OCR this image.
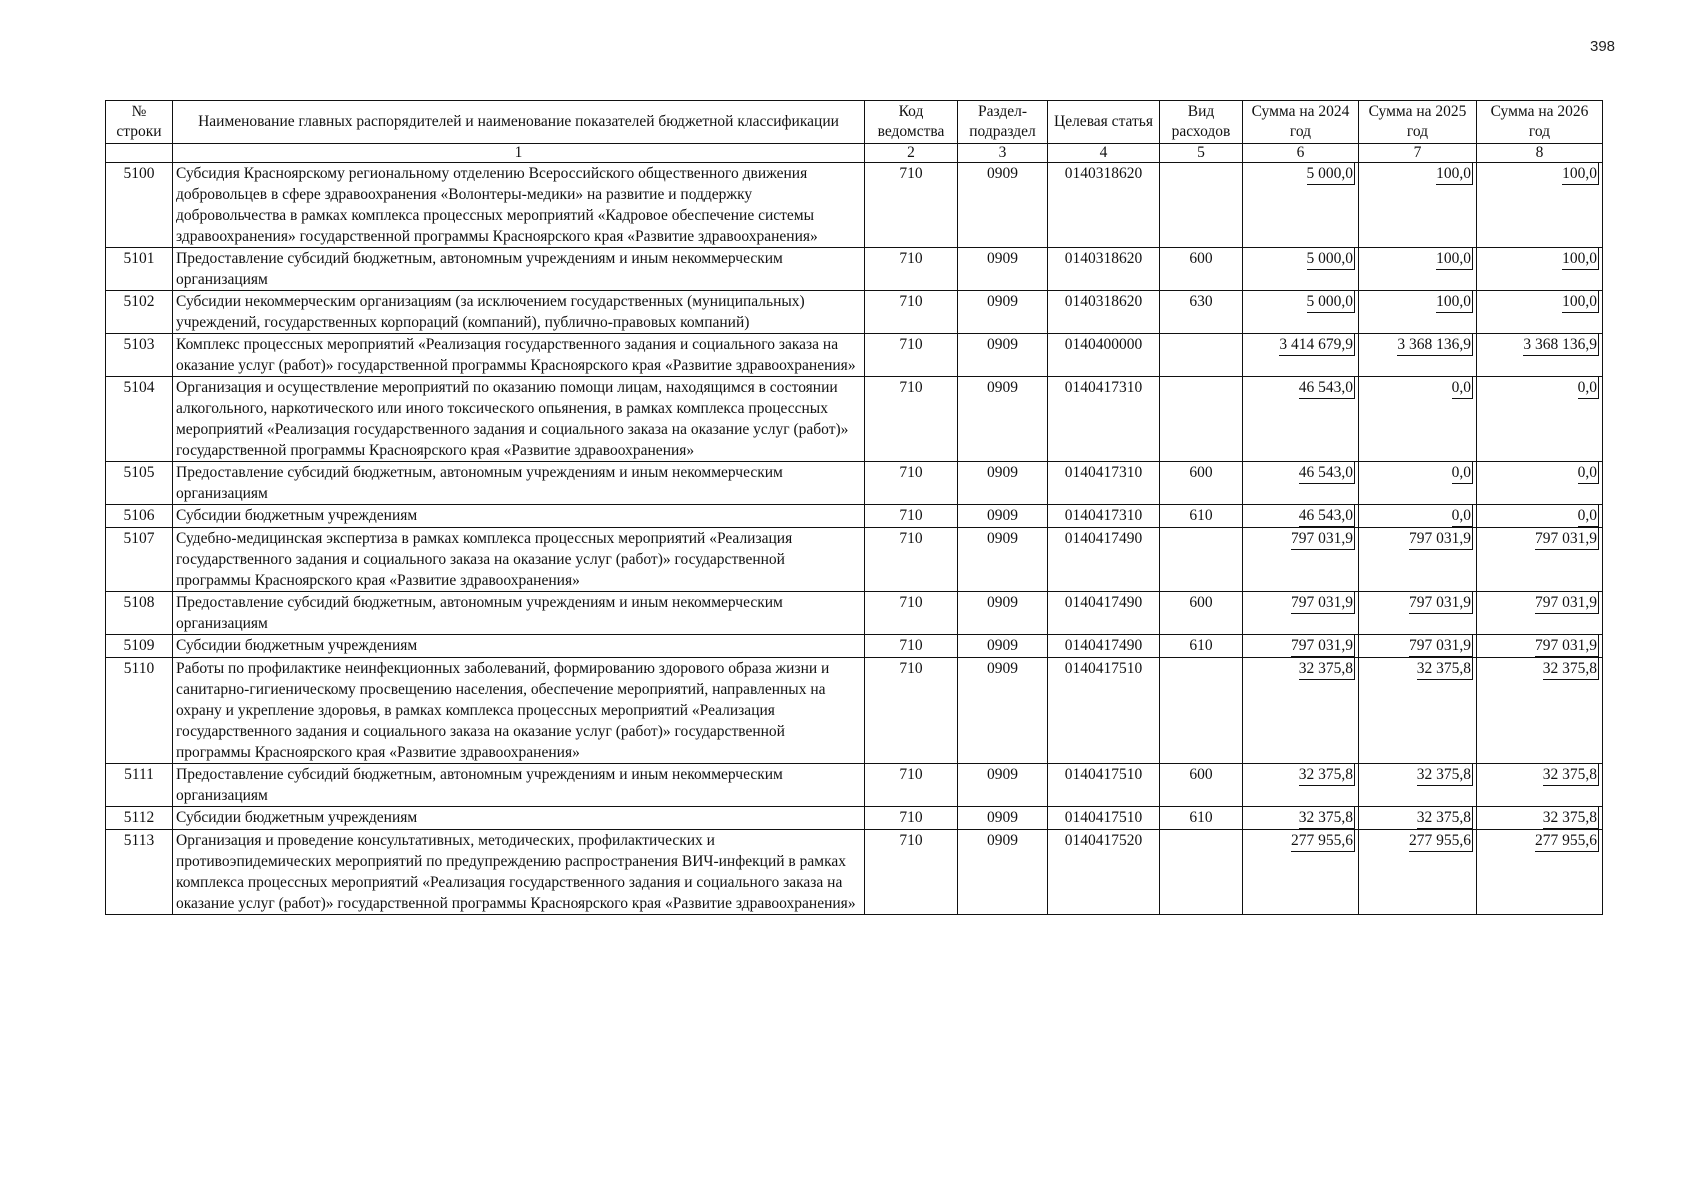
398
№ строки	Наименование главных распорядителей и наименование показателей бюджетной классификации	Код ведомства	Раздел-подраздел	Целевая статья	Вид расходов	Сумма на 2024 год	Сумма на 2025 год	Сумма на 2026 год
	1	2	3	4	5	6	7	8
5100	Субсидия Красноярскому региональному отделению Всероссийского общественного движения добровольцев в сфере здравоохранения «Волонтеры-медики» на развитие и поддержку добровольчества в рамках комплекса процессных мероприятий «Кадровое обеспечение системы здравоохранения» государственной программы Красноярского края «Развитие здравоохранения»	710	0909	0140318620		5 000,0	100,0	100,0
5101	Предоставление субсидий бюджетным, автономным учреждениям и иным некоммерческим организациям	710	0909	0140318620	600	5 000,0	100,0	100,0
5102	Субсидии некоммерческим организациям (за исключением государственных (муниципальных) учреждений, государственных корпораций (компаний), публично-правовых компаний)	710	0909	0140318620	630	5 000,0	100,0	100,0
5103	Комплекс процессных мероприятий «Реализация государственного задания и социального заказа на оказание услуг (работ)» государственной программы Красноярского края «Развитие здравоохранения»	710	0909	0140400000		3 414 679,9	3 368 136,9	3 368 136,9
5104	Организация и осуществление мероприятий по оказанию помощи лицам, находящимся в состоянии алкогольного, наркотического или иного токсического опьянения, в рамках комплекса процессных мероприятий «Реализация государственного задания и социального заказа на оказание услуг (работ)» государственной программы Красноярского края «Развитие здравоохранения»	710	0909	0140417310		46 543,0	0,0	0,0
5105	Предоставление субсидий бюджетным, автономным учреждениям и иным некоммерческим организациям	710	0909	0140417310	600	46 543,0	0,0	0,0
5106	Субсидии бюджетным учреждениям	710	0909	0140417310	610	46 543,0	0,0	0,0
5107	Судебно-медицинская экспертиза в рамках комплекса процессных мероприятий «Реализация государственного задания и социального заказа на оказание услуг (работ)» государственной программы Красноярского края «Развитие здравоохранения»	710	0909	0140417490		797 031,9	797 031,9	797 031,9
5108	Предоставление субсидий бюджетным, автономным учреждениям и иным некоммерческим организациям	710	0909	0140417490	600	797 031,9	797 031,9	797 031,9
5109	Субсидии бюджетным учреждениям	710	0909	0140417490	610	797 031,9	797 031,9	797 031,9
5110	Работы по профилактике неинфекционных заболеваний, формированию здорового образа жизни и санитарно-гигиеническому просвещению населения, обеспечение мероприятий, направленных на охрану и укрепление здоровья, в рамках комплекса процессных мероприятий «Реализация государственного задания и социального заказа на оказание услуг (работ)» государственной программы Красноярского края «Развитие здравоохранения»	710	0909	0140417510		32 375,8	32 375,8	32 375,8
5111	Предоставление субсидий бюджетным, автономным учреждениям и иным некоммерческим организациям	710	0909	0140417510	600	32 375,8	32 375,8	32 375,8
5112	Субсидии бюджетным учреждениям	710	0909	0140417510	610	32 375,8	32 375,8	32 375,8
5113	Организация и проведение консультативных, методических, профилактических и противоэпидемических мероприятий по предупреждению распространения ВИЧ-инфекций в рамках комплекса процессных мероприятий «Реализация государственного задания и социального заказа на оказание услуг (работ)» государственной программы Красноярского края «Развитие здравоохранения»	710	0909	0140417520		277 955,6	277 955,6	277 955,6
